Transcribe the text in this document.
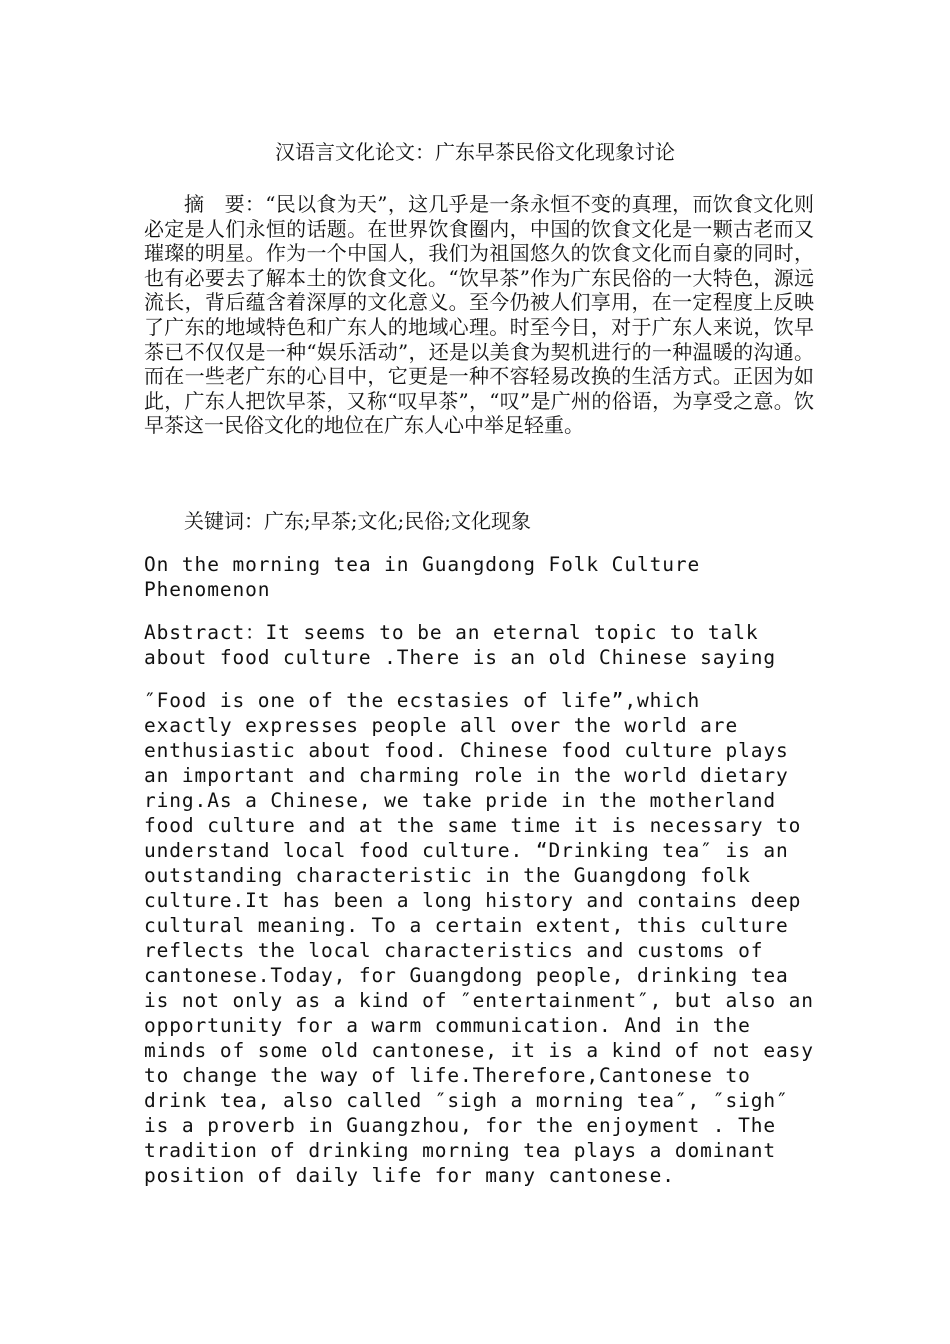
汉语言文化论文：广东早茶民俗文化现象讨论

摘　要：“民以食为天”，这几乎是一条永恒不变的真理，而饮食文化则必定是人们永恒的话题。在世界饮食圈内，中国的饮食文化是一颗古老而又璀璨的明星。作为一个中国人，我们为祖国悠久的饮食文化而自豪的同时，也有必要去了解本土的饮食文化。“饮早茶”作为广东民俗的一大特色，源远流长，背后蕴含着深厚的文化意义。至今仍被人们享用，在一定程度上反映了广东的地域特色和广东人的地域心理。时至今日，对于广东人来说，饮早茶已不仅仅是一种“娱乐活动”，还是以美食为契机进行的一种温暖的沟通。而在一些老广东的心目中，它更是一种不容轻易改换的生活方式。正因为如此，广东人把饮早茶，又称“叹早茶”，“叹”是广州的俗语，为享受之意。饮早茶这一民俗文化的地位在广东人心中举足轻重。

关键词：广东;早茶;文化;民俗;文化现象

On the morning tea in Guangdong Folk Culture
Phenomenon

Abstract：It seems to be an eternal topic to talk
about food culture .There is an old Chinese saying

″Food is one of the ecstasies of life”,which
exactly expresses people all over the world are
enthusiastic about food. Chinese food culture plays
an important and charming role in the world dietary
ring.As a Chinese, we take pride in the motherland
food culture and at the same time it is necessary to
understand local food culture. “Drinking tea″ is an
outstanding characteristic in the Guangdong folk
culture.It has been a long history and contains deep
cultural meaning. To a certain extent, this culture
reflects the local characteristics and customs of
cantonese.Today, for Guangdong people, drinking tea
is not only as a kind of ″entertainment″, but also an
opportunity for a warm communication. And in the
minds of some old cantonese, it is a kind of not easy
to change the way of life.Therefore,Cantonese to
drink tea, also called ″sigh a morning tea″, ″sigh″
is a proverb in Guangzhou, for the enjoyment . The
tradition of drinking morning tea plays a dominant
position of daily life for many cantonese.
